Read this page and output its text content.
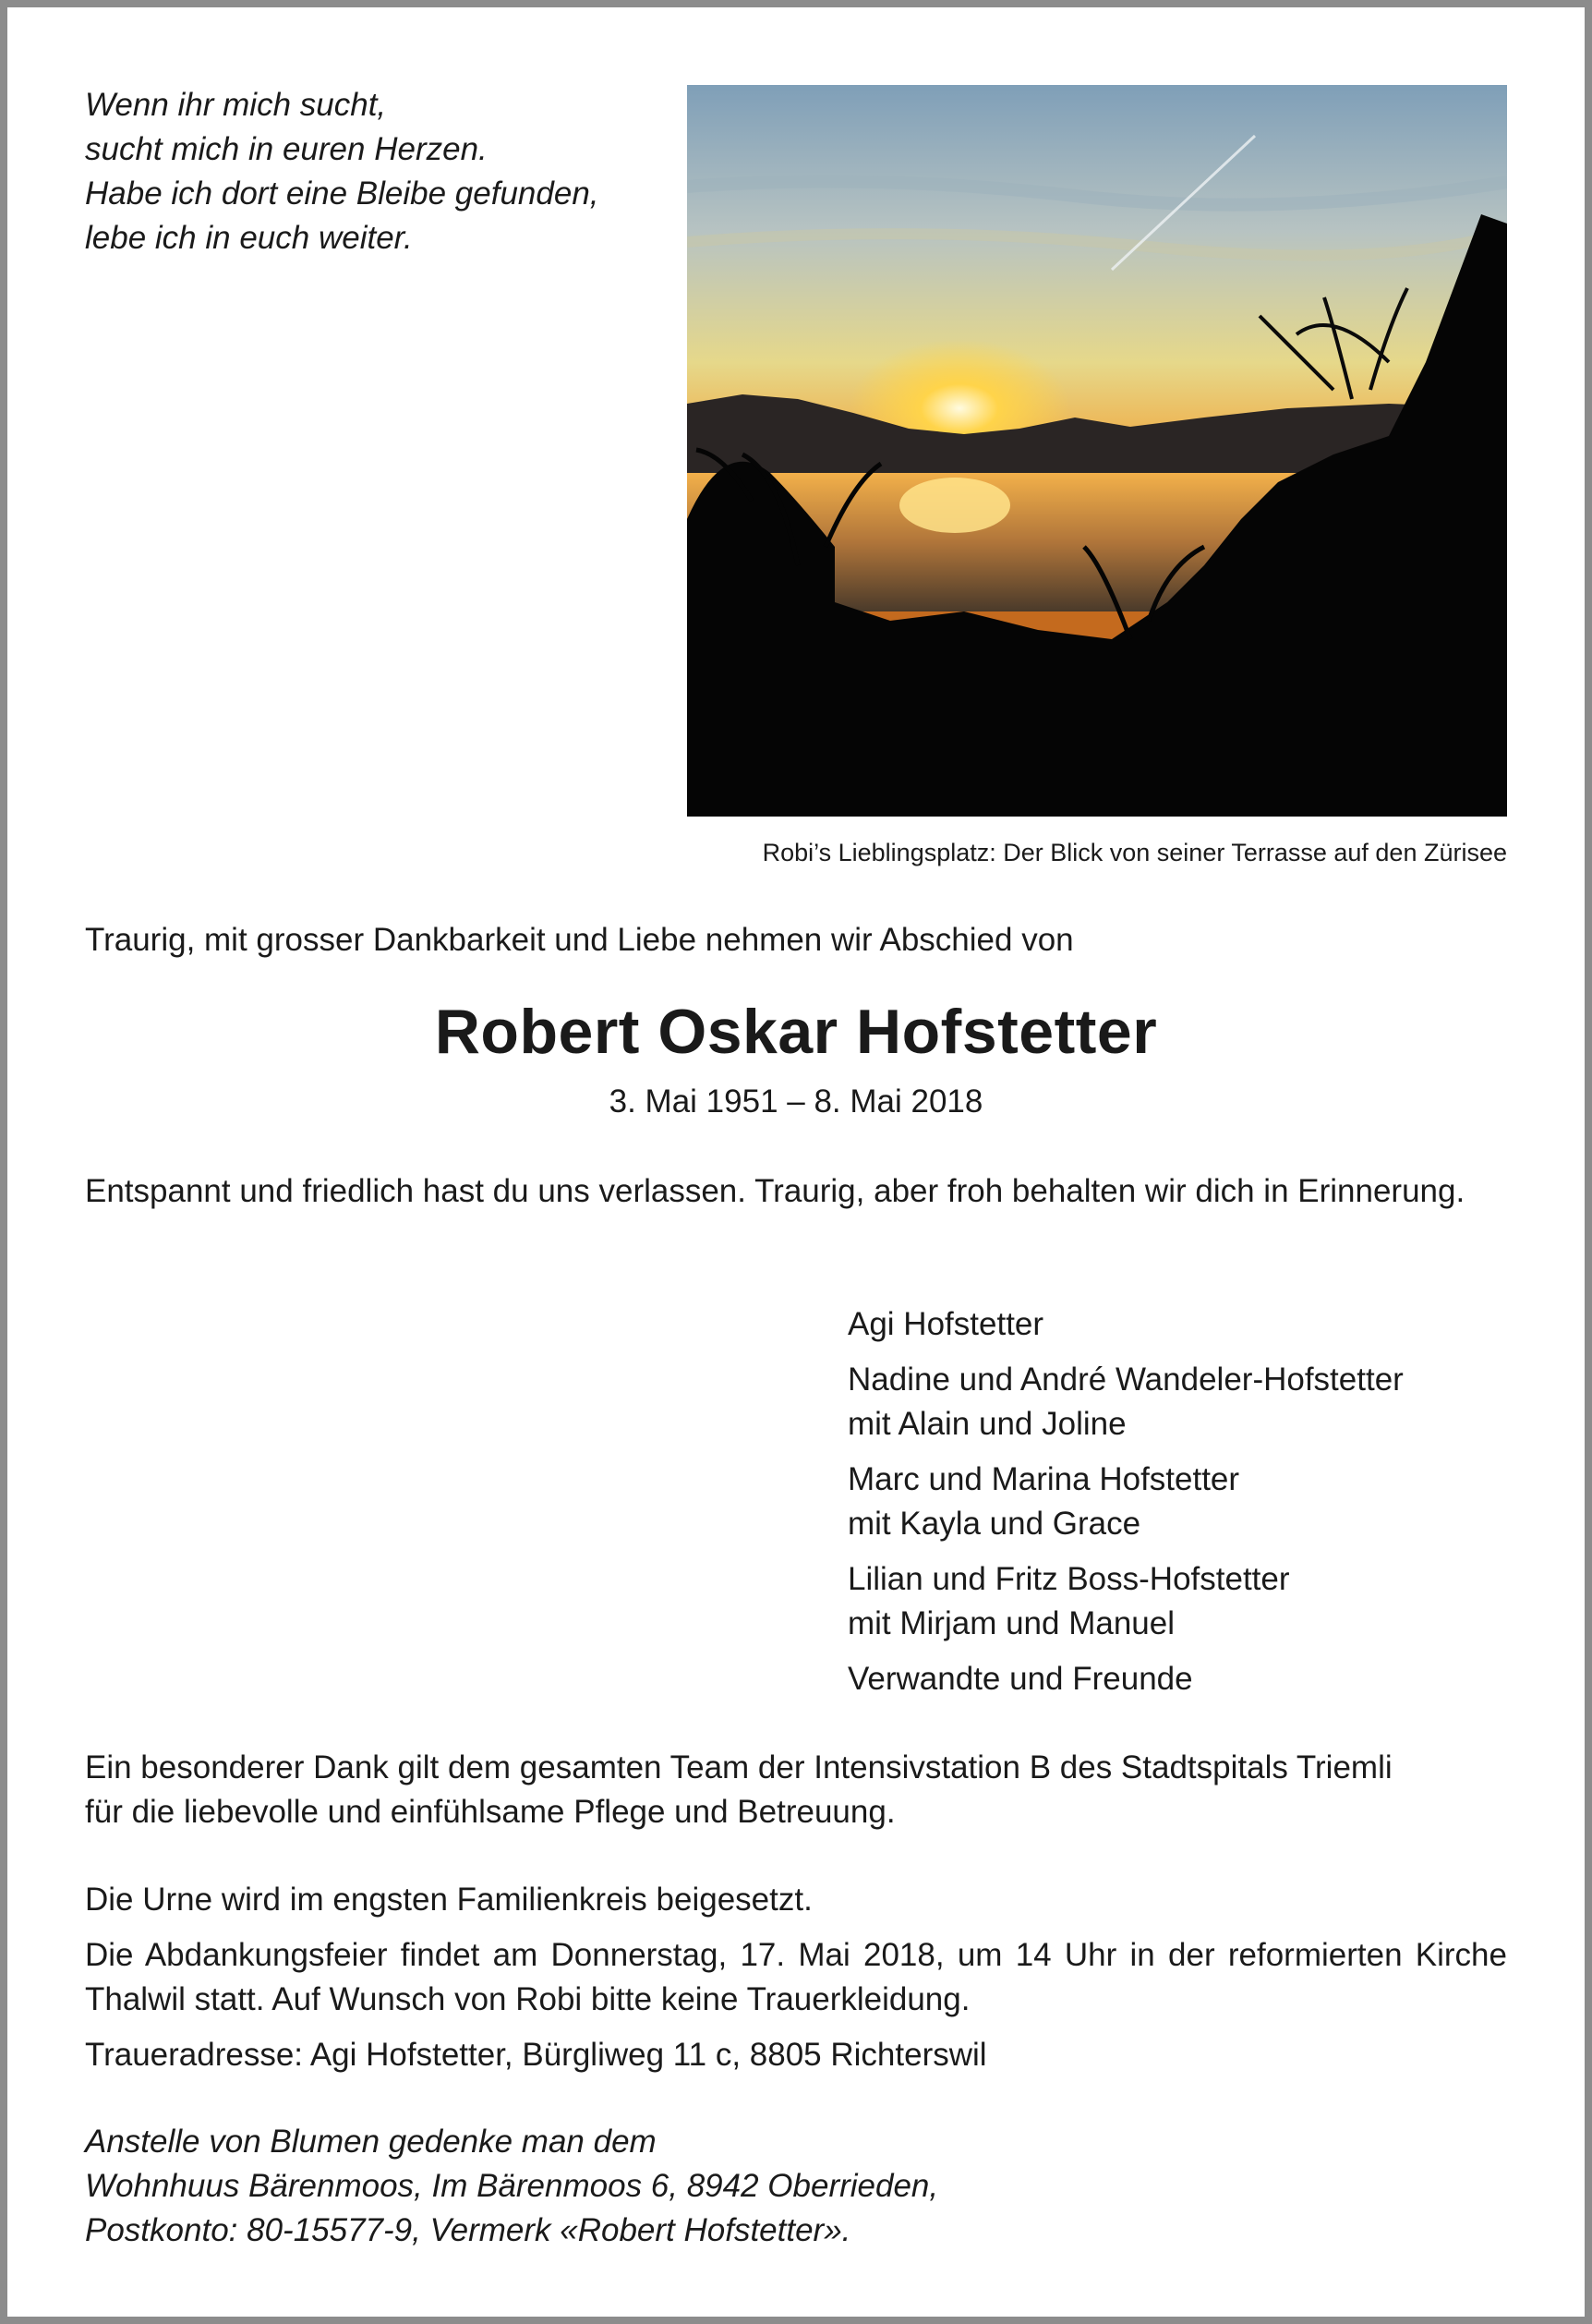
Wenn ihr mich sucht,
sucht mich in euren Herzen.
Habe ich dort eine Bleibe gefunden,
lebe ich in euch weiter.
Robi’s Lieblingsplatz: Der Blick von seiner Terrasse auf den Zürisee
Traurig, mit grosser Dankbarkeit und Liebe nehmen wir Abschied von
Robert Oskar Hofstetter
3. Mai 1951 – 8. Mai 2018
Entspannt und friedlich hast du uns verlassen. Traurig, aber froh behalten wir dich in Erinnerung.
Agi Hofstetter
Nadine und André Wandeler-Hofstetter
mit Alain und Joline
Marc und Marina Hofstetter
mit Kayla und Grace
Lilian und Fritz Boss-Hofstetter
mit Mirjam und Manuel
Verwandte und Freunde
Ein besonderer Dank gilt dem gesamten Team der Intensivstation B des Stadtspitals Triemli
für die liebevolle und einfühlsame Pflege und Betreuung.

Die Urne wird im engsten Familienkreis beigesetzt.

Die Abdankungsfeier findet am Donnerstag, 17. Mai 2018, um 14 Uhr in der reformierten Kirche Thalwil statt. Auf Wunsch von Robi bitte keine Trauerkleidung.

Traueradresse: Agi Hofstetter, Bürgliweg 11 c, 8805 Richterswil

Anstelle von Blumen gedenke man dem
Wohnhuus Bärenmoos, Im Bärenmoos 6, 8942 Oberrieden,
Postkonto: 80-15577-9, Vermerk «Robert Hofstetter».
